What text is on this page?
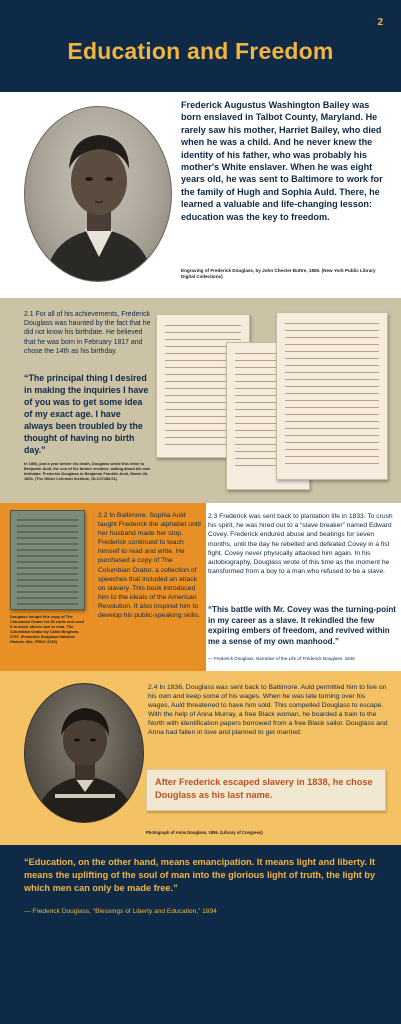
2
Education and Freedom
Frederick Augustus Washington Bailey was born enslaved in Talbot County, Maryland. He rarely saw his mother, Harriet Bailey, who died when he was a child. And he never knew the identity of his father, who was probably his mother's White enslaver. When he was eight years old, he was sent to Baltimore to work for the family of Hugh and Sophia Auld. There, he learned a valuable and life-changing lesson: education was the key to freedom.
Engraving of Frederick Douglass, by John Chester Buttre, 1855. (New York Public Library Digital Collections)
2.1 For all of his achievements, Frederick Douglass was haunted by the fact that he did not know his birthdate. He believed that he was born in February 1817 and chose the 14th as his birthday.
“The principal thing I desired in making the inquiries I have of you was to get some idea of my exact age. I have always been troubled by the thought of having no birth day.”
In 1894, just a year before his death, Douglass wrote this letter to Benjamin Auld, the son of his former enslaver, asking about his own birthdate. Frederick Douglass to Benjamin Franklin Auld, March 28, 1894. (The Gilder Lehrman Institute, GLC07488.01)
Douglass bought this copy of The Columbian Orator for 50 cents and used it to teach others how to read. The Columbian Orator by Caleb Bingham, 1797. (Frederick Douglass National Historic Site, FRDO 4736)
2.2 In Baltimore, Sophia Auld taught Frederick the alphabet until her husband made her stop. Frederick continued to teach himself to read and write. He purchased a copy of The Columbian Orator, a collection of speeches that included an attack on slavery. This book introduced him to the ideals of the American Revolution. It also inspired him to develop his public-speaking skills.
2.3 Frederick was sent back to plantation life in 1833. To crush his spirit, he was hired out to a “slave breaker” named Edward Covey. Frederick endured abuse and beatings for seven months, until the day he rebelled and defeated Covey in a fist fight. Covey never physically attacked him again. In his autobiography, Douglass wrote of this time as the moment he transformed from a boy to a man who refused to be a slave.
“This battle with Mr. Covey was the turning-point in my career as a slave. It rekindled the few expiring embers of freedom, and revived within me a sense of my own manhood.”
— Frederick Douglass, Narrative of the Life of Frederick Douglass, 1845
2.4 In 1836, Douglass was sent back to Baltimore. Auld permitted him to live on his own and keep some of his wages. When he was late turning over his wages, Auld threatened to have him sold. This compelled Douglass to escape. With the help of Anna Murray, a free Black woman, he boarded a train to the North with identification papers borrowed from a free Black sailor. Douglass and Anna had fallen in love and planned to get married.
After Frederick escaped slavery in 1838, he chose Douglass as his last name.
Photograph of Anna Douglass, 1859. (Library of Congress)
“Education, on the other hand, means emancipation. It means light and liberty. It means the uplifting of the soul of man into the glorious light of truth, the light by which men can only be made free.”
— Frederick Douglass, “Blessings of Liberty and Education,” 1894
